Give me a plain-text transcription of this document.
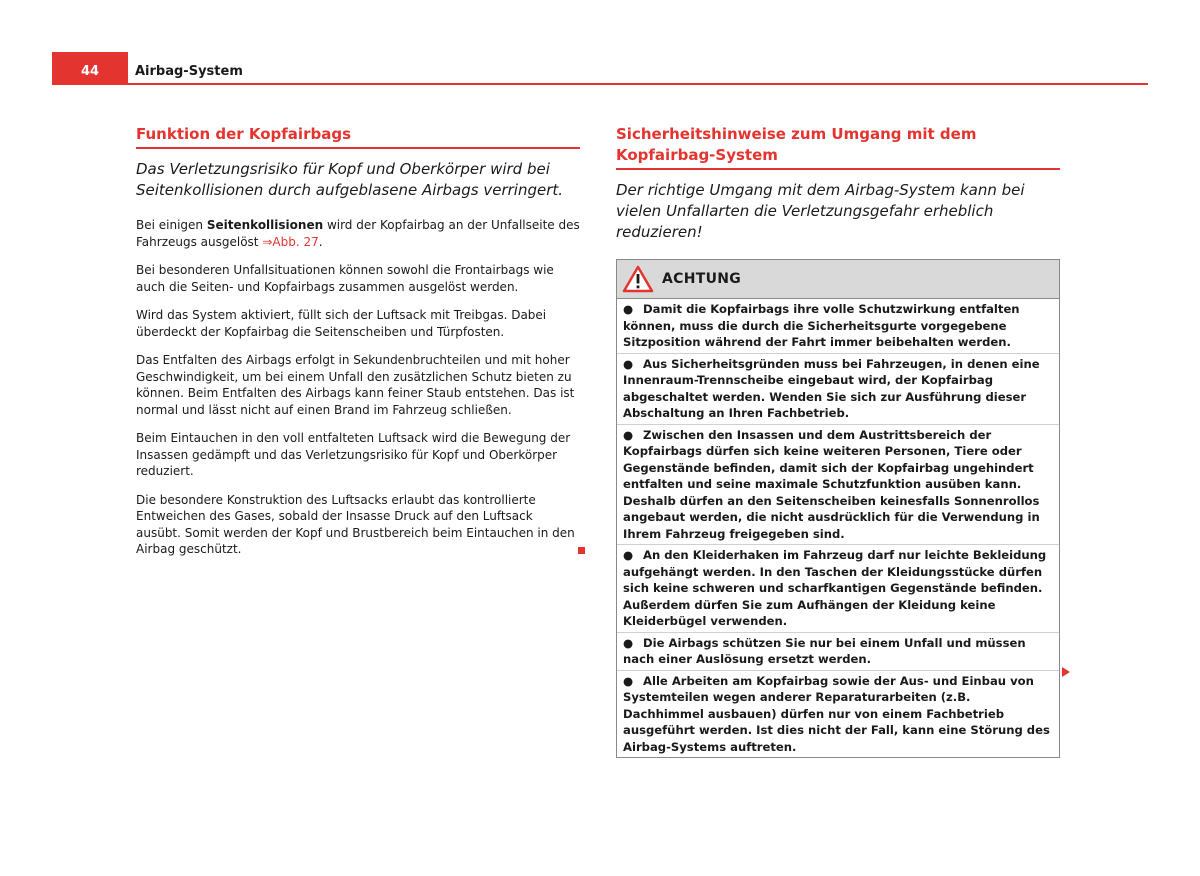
44	Airbag-System
Funktion der Kopfairbags

Das Verletzungsrisiko für Kopf und Oberkörper wird bei Seitenkollisionen durch aufgeblasene Airbags verringert.

Bei einigen Seitenkollisionen wird der Kopfairbag an der Unfallseite des Fahrzeugs ausgelöst ⇒Abb. 27.

Bei besonderen Unfallsituationen können sowohl die Frontairbags wie auch die Seiten- und Kopfairbags zusammen ausgelöst werden.

Wird das System aktiviert, füllt sich der Luftsack mit Treibgas. Dabei überdeckt der Kopfairbag die Seitenscheiben und Türpfosten.

Das Entfalten des Airbags erfolgt in Sekundenbruchteilen und mit hoher Geschwindigkeit, um bei einem Unfall den zusätzlichen Schutz bieten zu können. Beim Entfalten des Airbags kann feiner Staub entstehen. Das ist normal und lässt nicht auf einen Brand im Fahrzeug schließen.

Beim Eintauchen in den voll entfalteten Luftsack wird die Bewegung der Insassen gedämpft und das Verletzungsrisiko für Kopf und Oberkörper reduziert.

Die besondere Konstruktion des Luftsacks erlaubt das kontrollierte Entweichen des Gases, sobald der Insasse Druck auf den Luftsack ausübt. Somit werden der Kopf und Brustbereich beim Eintauchen in den Airbag geschützt.

Sicherheitshinweise zum Umgang mit dem Kopfairbag-System

Der richtige Umgang mit dem Airbag-System kann bei vielen Unfallarten die Verletzungsgefahr erheblich reduzieren!

ACHTUNG
● Damit die Kopfairbags ihre volle Schutzwirkung entfalten können, muss die durch die Sicherheitsgurte vorgegebene Sitzposition während der Fahrt immer beibehalten werden.
● Aus Sicherheitsgründen muss bei Fahrzeugen, in denen eine Innenraum-Trennscheibe eingebaut wird, der Kopfairbag abgeschaltet werden. Wenden Sie sich zur Ausführung dieser Abschaltung an Ihren Fachbetrieb.
● Zwischen den Insassen und dem Austrittsbereich der Kopfairbags dürfen sich keine weiteren Personen, Tiere oder Gegenstände befinden, damit sich der Kopfairbag ungehindert entfalten und seine maximale Schutzfunktion ausüben kann. Deshalb dürfen an den Seitenscheiben keinesfalls Sonnenrollos angebaut werden, die nicht ausdrücklich für die Verwendung in Ihrem Fahrzeug freigegeben sind.
● An den Kleiderhaken im Fahrzeug darf nur leichte Bekleidung aufgehängt werden. In den Taschen der Kleidungsstücke dürfen sich keine schweren und scharfkantigen Gegenstände befinden. Außerdem dürfen Sie zum Aufhängen der Kleidung keine Kleiderbügel verwenden.
● Die Airbags schützen Sie nur bei einem Unfall und müssen nach einer Auslösung ersetzt werden.
● Alle Arbeiten am Kopfairbag sowie der Aus- und Einbau von Systemteilen wegen anderer Reparaturarbeiten (z.B. Dachhimmel ausbauen) dürfen nur von einem Fachbetrieb ausgeführt werden. Ist dies nicht der Fall, kann eine Störung des Airbag-Systems auftreten.
